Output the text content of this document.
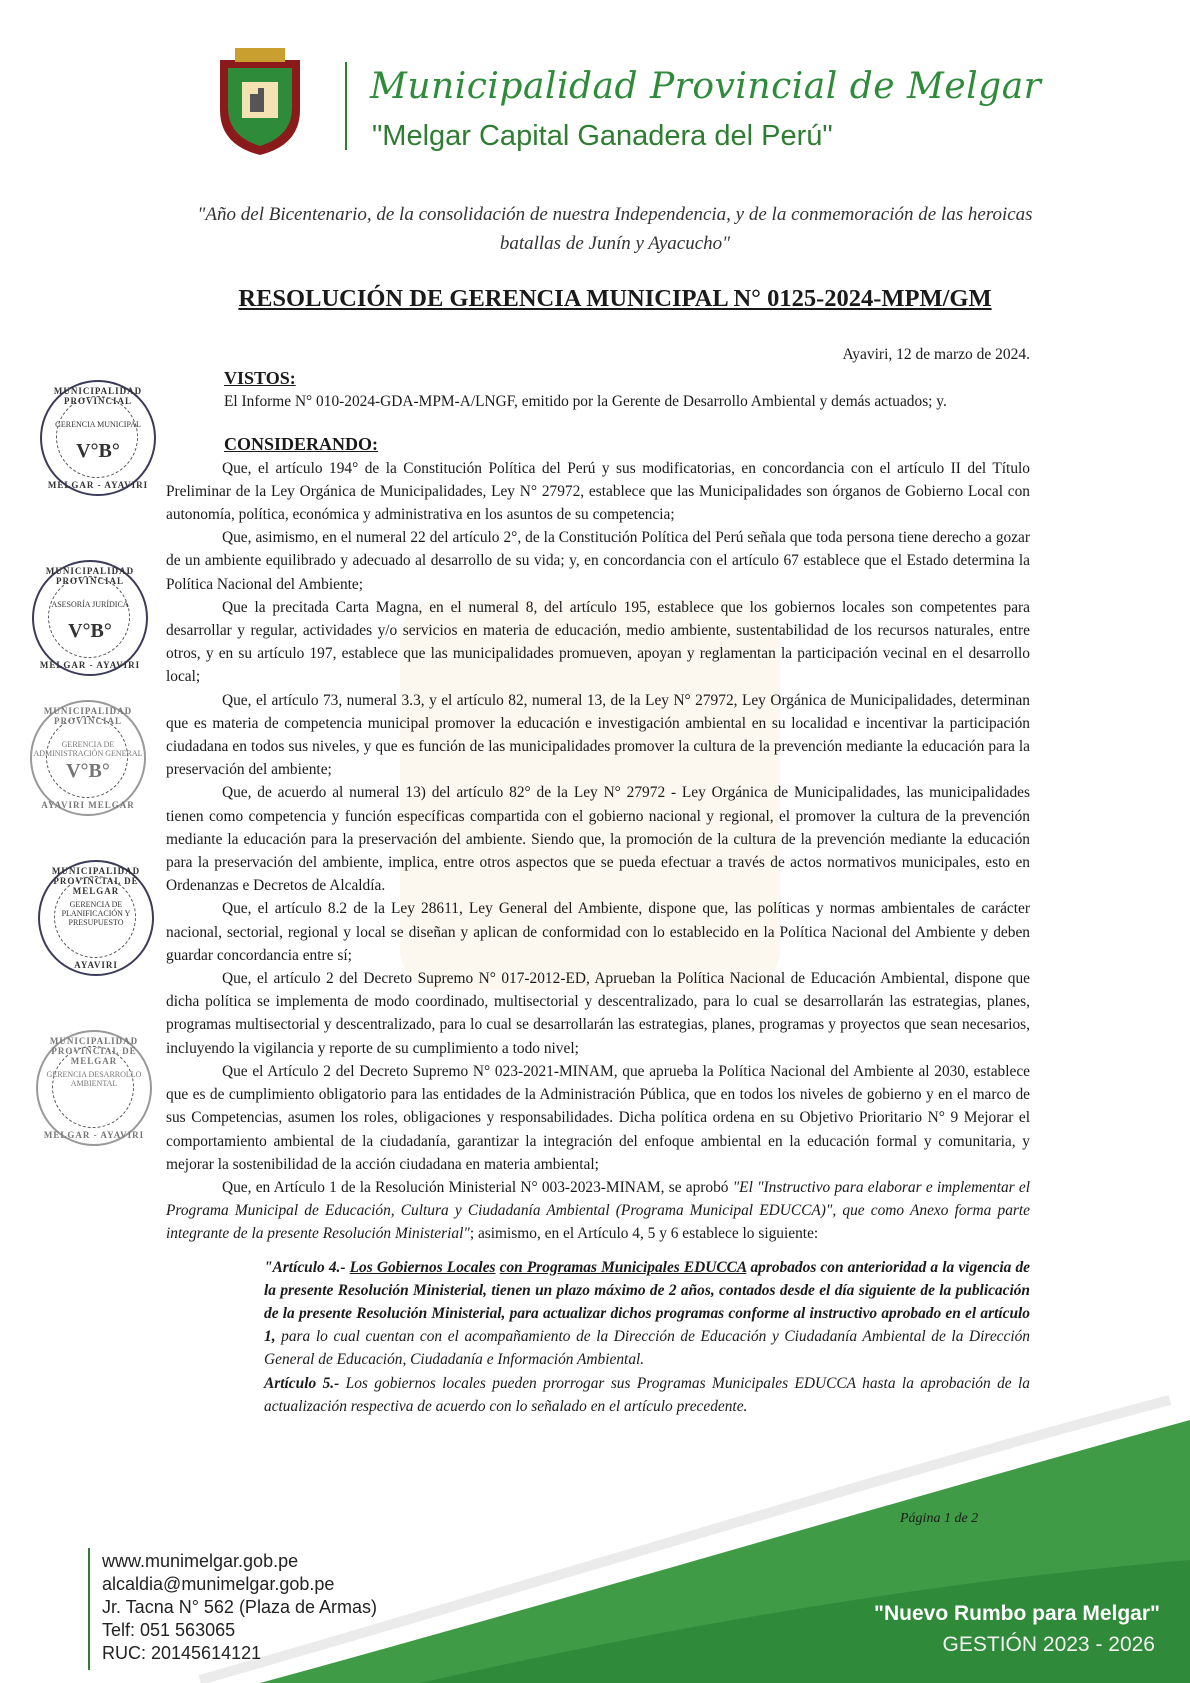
Municipalidad Provincial de Melgar
"Melgar Capital Ganadera del Perú"
"Año del Bicentenario, de la consolidación de nuestra Independencia, y de la conmemoración de las heroicas batallas de Junín y Ayacucho"
RESOLUCIÓN DE GERENCIA MUNICIPAL N° 0125-2024-MPM/GM
Ayaviri, 12 de marzo de 2024.

VISTOS:

El Informe N° 010-2024-GDA-MPM-A/LNGF, emitido por la Gerente de Desarrollo Ambiental y demás actuados; y.

CONSIDERANDO:

Que, el artículo 194° de la Constitución Política del Perú y sus modificatorias, en concordancia con el artículo II del Título Preliminar de la Ley Orgánica de Municipalidades, Ley N° 27972, establece que las Municipalidades son órganos de Gobierno Local con autonomía, política, económica y administrativa en los asuntos de su competencia;

Que, asimismo, en el numeral 22 del artículo 2°, de la Constitución Política del Perú señala que toda persona tiene derecho a gozar de un ambiente equilibrado y adecuado al desarrollo de su vida; y, en concordancia con el artículo 67 establece que el Estado determina la Política Nacional del Ambiente;

Que la precitada Carta Magna, en el numeral 8, del artículo 195, establece que los gobiernos locales son competentes para desarrollar y regular, actividades y/o servicios en materia de educación, medio ambiente, sustentabilidad de los recursos naturales, entre otros, y en su artículo 197, establece que las municipalidades promueven, apoyan y reglamentan la participación vecinal en el desarrollo local;

Que, el artículo 73, numeral 3.3, y el artículo 82, numeral 13, de la Ley N° 27972, Ley Orgánica de Municipalidades, determinan que es materia de competencia municipal promover la educación e investigación ambiental en su localidad e incentivar la participación ciudadana en todos sus niveles, y que es función de las municipalidades promover la cultura de la prevención mediante la educación para la preservación del ambiente;

Que, de acuerdo al numeral 13) del artículo 82° de la Ley N° 27972 - Ley Orgánica de Municipalidades, las municipalidades tienen como competencia y función específicas compartida con el gobierno nacional y regional, el promover la cultura de la prevención mediante la educación para la preservación del ambiente. Siendo que, la promoción de la cultura de la prevención mediante la educación para la preservación del ambiente, implica, entre otros aspectos que se pueda efectuar a través de actos normativos municipales, esto en Ordenanzas e Decretos de Alcaldía.

Que, el artículo 8.2 de la Ley 28611, Ley General del Ambiente, dispone que, las políticas y normas ambientales de carácter nacional, sectorial, regional y local se diseñan y aplican de conformidad con lo establecido en la Política Nacional del Ambiente y deben guardar concordancia entre sí;

Que, el artículo 2 del Decreto Supremo N° 017-2012-ED, Aprueban la Política Nacional de Educación Ambiental, dispone que dicha política se implementa de modo coordinado, multisectorial y descentralizado, para lo cual se desarrollarán las estrategias, planes, programas multisectorial y descentralizado, para lo cual se desarrollarán las estrategias, planes, programas y proyectos que sean necesarios, incluyendo la vigilancia y reporte de su cumplimiento a todo nivel;

Que el Artículo 2 del Decreto Supremo N° 023-2021-MINAM, que aprueba la Política Nacional del Ambiente al 2030, establece que es de cumplimiento obligatorio para las entidades de la Administración Pública, que en todos los niveles de gobierno y en el marco de sus Competencias, asumen los roles, obligaciones y responsabilidades. Dicha política ordena en su Objetivo Prioritario N° 9 Mejorar el comportamiento ambiental de la ciudadanía, garantizar la integración del enfoque ambiental en la educación formal y comunitaria, y mejorar la sostenibilidad de la acción ciudadana en materia ambiental;

Que, en Artículo 1 de la Resolución Ministerial N° 003-2023-MINAM, se aprobó "El "Instructivo para elaborar e implementar el Programa Municipal de Educación, Cultura y Ciudadanía Ambiental (Programa Municipal EDUCCA)", que como Anexo forma parte integrante de la presente Resolución Ministerial"; asimismo, en el Artículo 4, 5 y 6 establece lo siguiente:

"Artículo 4.- Los Gobiernos Locales con Programas Municipales EDUCCA aprobados con anterioridad a la vigencia de la presente Resolución Ministerial, tienen un plazo máximo de 2 años, contados desde el día siguiente de la publicación de la presente Resolución Ministerial, para actualizar dichos programas conforme al instructivo aprobado en el artículo 1, para lo cual cuentan con el acompañamiento de la Dirección de Educación y Ciudadanía Ambiental de la Dirección General de Educación, Ciudadanía e Información Ambiental.

Artículo 5.- Los gobiernos locales pueden prorrogar sus Programas Municipales EDUCCA hasta la aprobación de la actualización respectiva de acuerdo con lo señalado en el artículo precedente.

Página 1 de 2
MUNICIPALIDAD PROVINCIAL
GERENCIA MUNICIPAL
V°B°
MELGAR - AYAVIRI
MUNICIPALIDAD PROVINCIAL
ASESORÍA JURÍDICA
V°B°
MELGAR - AYAVIRI
MUNICIPALIDAD PROVINCIAL
GERENCIA DE ADMINISTRACIÓN GENERAL
V°B°
AYAVIRI MELGAR
MUNICIPALIDAD PROVINCIAL DE MELGAR
GERENCIA DE PLANIFICACIÓN Y PRESUPUESTO
AYAVIRI
MUNICIPALIDAD PROVINCIAL DE MELGAR
GERENCIA DESARROLLO AMBIENTAL
MELGAR - AYAVIRI
www.munimelgar.gob.pe
alcaldia@munimelgar.gob.pe
Jr. Tacna N° 562 (Plaza de Armas)
Telf: 051 563065
RUC: 20145614121
"Nuevo Rumbo para Melgar"
GESTIÓN 2023 - 2026
